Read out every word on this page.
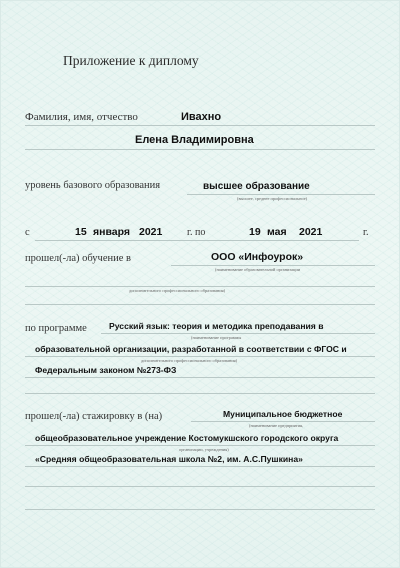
Приложение к диплому
Фамилия, имя, отчество	Ивахно
Елена Владимировна
уровень базового образования	высшее образование
(высшее, среднее профессиональное)
с	15 января 2021 г. по	19 мая 2021	г.
прошел(-ла) обучение в	ООО «Инфоурок»
(наименование образовательной организации
дополнительного профессионального образования)
по программе	Русский язык: теория и методика преподавания в
(наименование программы
образовательной организации, разработанной в соответствии с ФГОС и
дополнительного профессионального образования)
Федеральным законом №273-ФЗ
прошел(-ла) стажировку в (на)	Муниципальное бюджетное
(наименование предприятия,
общеобразовательное учреждение Костомукшского городского округа
организации, учреждения)
«Средняя общеобразовательная школа №2, им. А.С.Пушкина»
